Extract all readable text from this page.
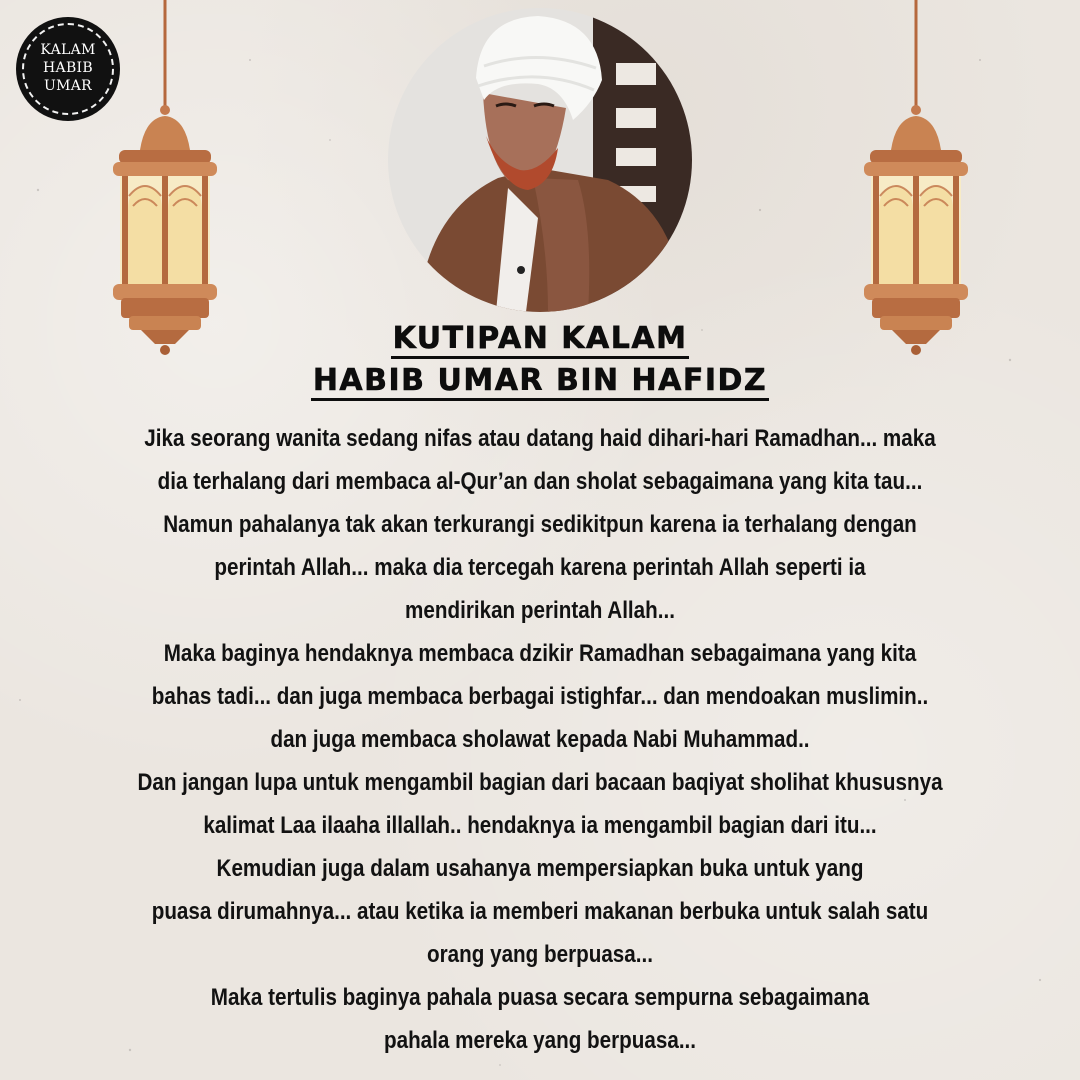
KALAM
HABIB
UMAR
KUTIPAN KALAM
HABIB UMAR BIN HAFIDZ
Jika seorang wanita sedang nifas atau datang haid dihari-hari Ramadhan... maka
dia terhalang dari membaca al-Qur’an dan sholat sebagaimana yang kita tau...
Namun pahalanya tak akan terkurangi sedikitpun karena ia terhalang dengan
perintah Allah... maka dia tercegah karena perintah Allah seperti ia
mendirikan perintah Allah...
Maka baginya hendaknya membaca dzikir Ramadhan sebagaimana yang kita
bahas tadi... dan juga membaca berbagai istighfar... dan mendoakan muslimin..
dan juga membaca sholawat kepada Nabi Muhammad..
Dan jangan lupa untuk mengambil bagian dari bacaan baqiyat sholihat khususnya
kalimat Laa ilaaha illallah.. hendaknya ia mengambil bagian dari itu...
Kemudian juga dalam usahanya mempersiapkan buka untuk yang
puasa dirumahnya... atau ketika ia memberi makanan berbuka untuk salah satu
orang yang berpuasa...
Maka tertulis baginya pahala puasa secara sempurna sebagaimana
pahala mereka yang berpuasa...
